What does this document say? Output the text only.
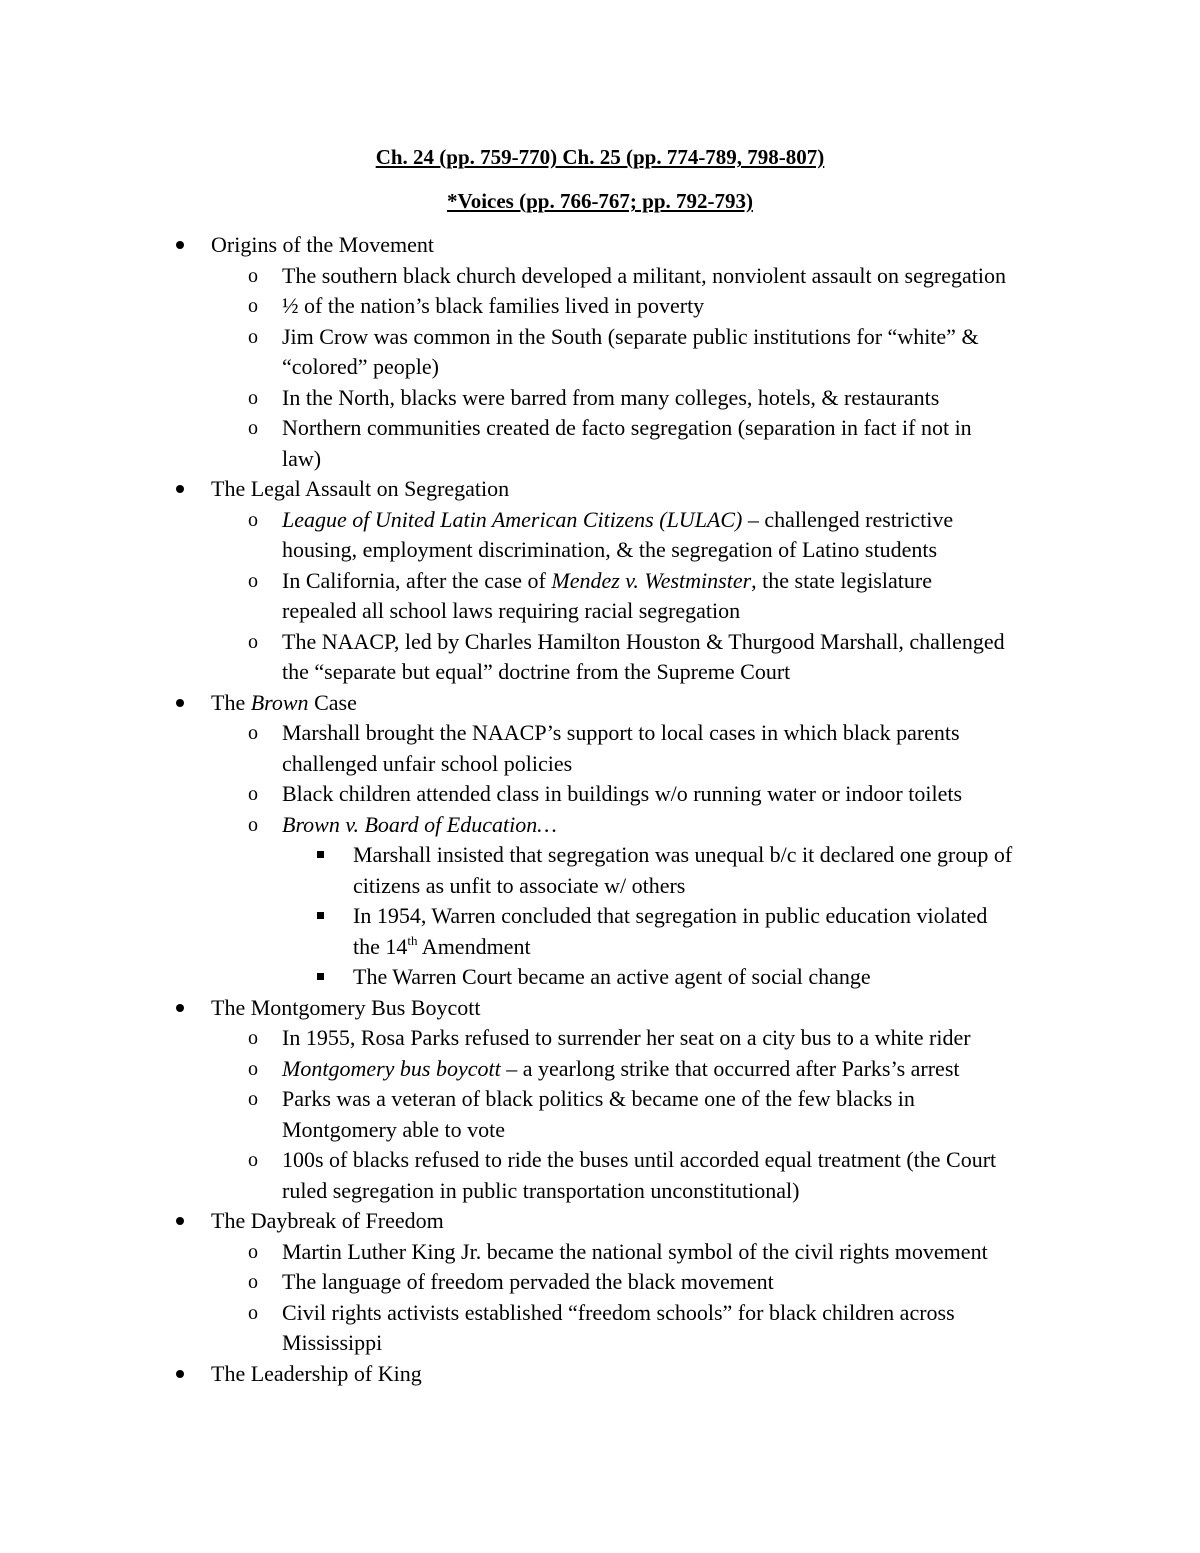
Ch. 24 (pp. 759-770) Ch. 25 (pp. 774-789, 798-807)
*Voices (pp. 766-767; pp. 792-793)
Origins of the Movement
o The southern black church developed a militant, nonviolent assault on segregation
o ½ of the nation’s black families lived in poverty
o Jim Crow was common in the South (separate public institutions for “white” &
“colored” people)
o In the North, blacks were barred from many colleges, hotels, & restaurants
o Northern communities created de facto segregation (separation in fact if not in
law)
The Legal Assault on Segregation
o League of United Latin American Citizens (LULAC) – challenged restrictive
housing, employment discrimination, & the segregation of Latino students
o In California, after the case of Mendez v. Westminster, the state legislature
repealed all school laws requiring racial segregation
o The NAACP, led by Charles Hamilton Houston & Thurgood Marshall, challenged
the “separate but equal” doctrine from the Supreme Court
The Brown Case
o Marshall brought the NAACP’s support to local cases in which black parents
challenged unfair school policies
o Black children attended class in buildings w/o running water or indoor toilets
o Brown v. Board of Education…
Marshall insisted that segregation was unequal b/c it declared one group of
citizens as unfit to associate w/ others
In 1954, Warren concluded that segregation in public education violated
the 14th Amendment
The Warren Court became an active agent of social change
The Montgomery Bus Boycott
o In 1955, Rosa Parks refused to surrender her seat on a city bus to a white rider
o Montgomery bus boycott – a yearlong strike that occurred after Parks’s arrest
o Parks was a veteran of black politics & became one of the few blacks in
Montgomery able to vote
o 100s of blacks refused to ride the buses until accorded equal treatment (the Court
ruled segregation in public transportation unconstitutional)
The Daybreak of Freedom
o Martin Luther King Jr. became the national symbol of the civil rights movement
o The language of freedom pervaded the black movement
o Civil rights activists established “freedom schools” for black children across
Mississippi
The Leadership of King
